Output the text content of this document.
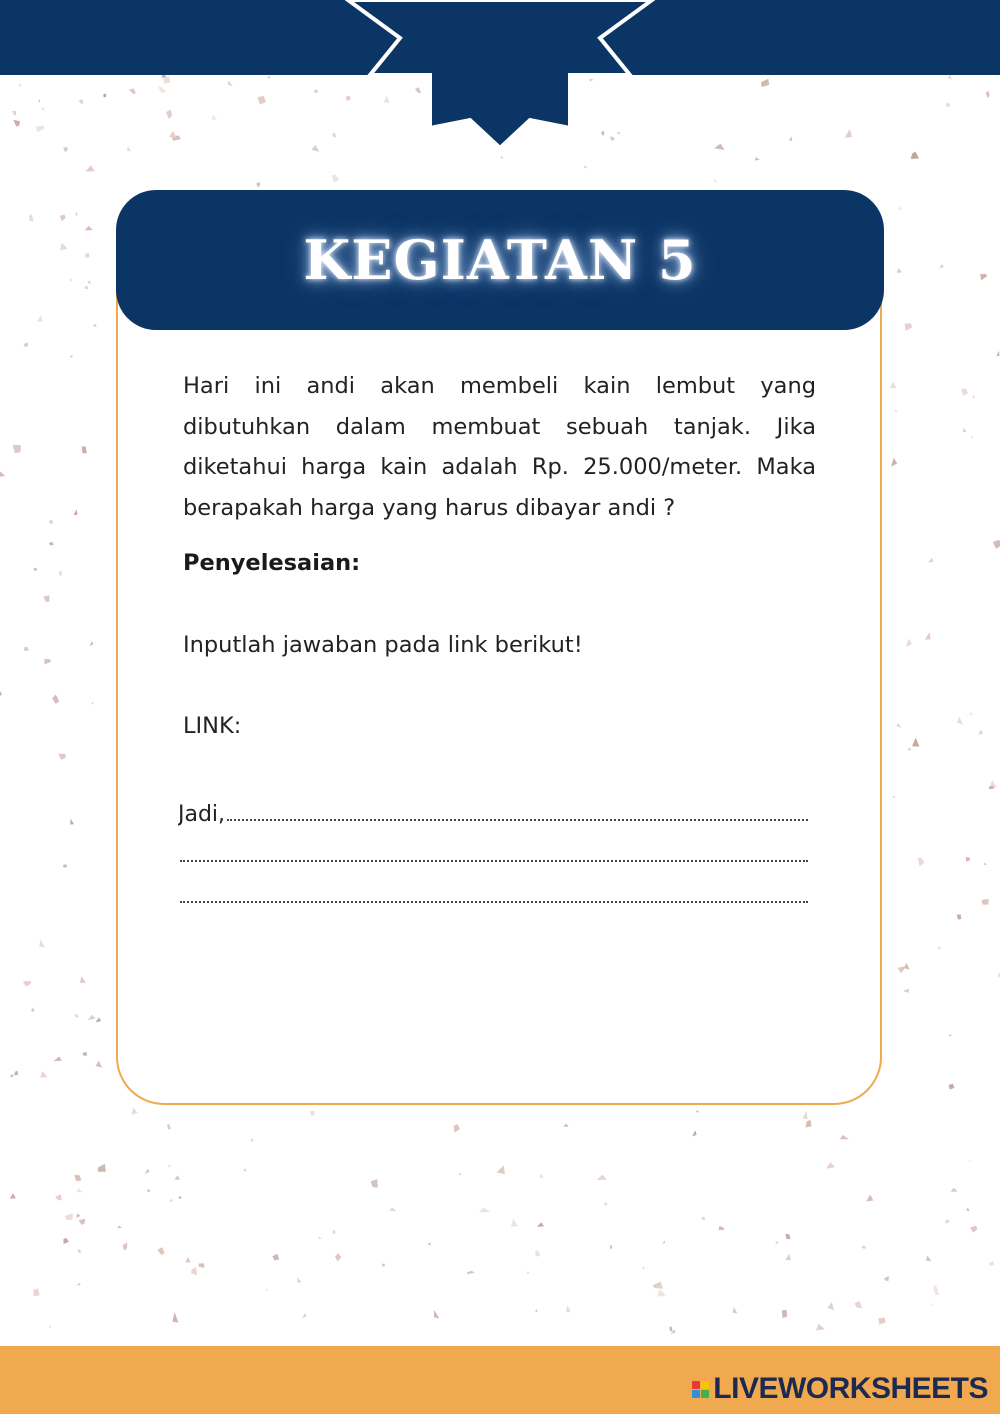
KEGIATAN 5

Hari ini andi akan membeli kain lembut yang dibutuhkan dalam membuat sebuah tanjak. Jika diketahui harga kain adalah Rp. 25.000/meter. Maka berapakah harga yang harus dibayar andi ?

Penyelesaian:
Inputlah jawaban pada link berikut!
LINK:
Jadi,
LIVEWORKSHEETS
